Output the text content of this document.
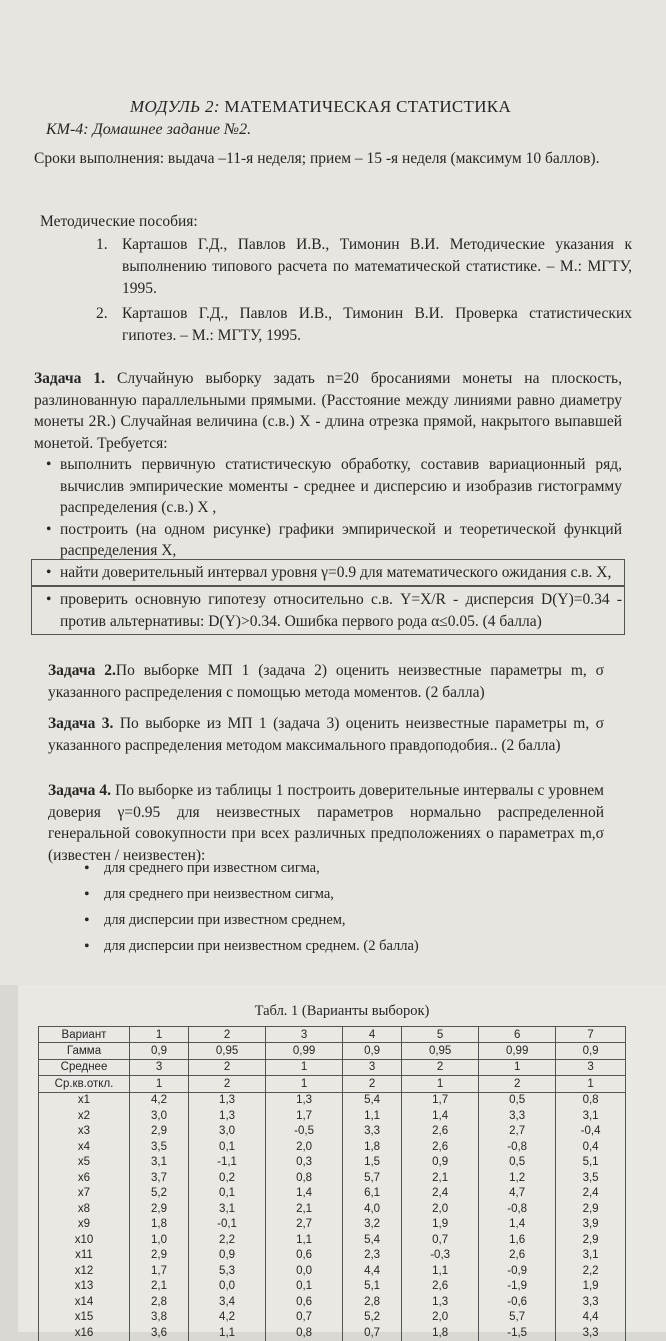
МОДУЛЬ 2: МАТЕМАТИЧЕСКАЯ СТАТИСТИКА
КМ-4: Домашнее задание №2.
Сроки выполнения: выдача –11-я неделя; прием – 15 -я неделя (максимум 10 баллов).
Методические пособия:
1. Карташов Г.Д., Павлов И.В., Тимонин В.И. Методические указания к выполнению типового расчета по математической статистике. – М.: МГТУ, 1995.
2. Карташов Г.Д., Павлов И.В., Тимонин В.И. Проверка статистических гипотез. – М.: МГТУ, 1995.
Задача 1. Случайную выборку задать n=20 бросаниями монеты на плоскость, разлинованную параллельными прямыми. (Расстояние между линиями равно диаметру монеты 2R.) Случайная величина (с.в.) X - длина отрезка прямой, накрытого выпавшей монетой. Требуется:
• выполнить первичную статистическую обработку, составив вариационный ряд, вычислив эмпирические моменты - среднее и дисперсию и изобразив гистограмму распределения (с.в.) X ,
• построить (на одном рисунке) графики эмпирической и теоретической функций распределения X,
• найти доверительный интервал уровня γ=0.9 для математического ожидания с.в. X,
• проверить основную гипотезу относительно с.в. Y=X/R - дисперсия D(Y)=0.34 - против альтернативы: D(Y)>0.34. Ошибка первого рода α≤0.05. (4 балла)
Задача 2.По выборке МП 1 (задача 2) оценить неизвестные параметры m, σ указанного распределения с помощью метода моментов. (2 балла)
Задача 3. По выборке из МП 1 (задача 3) оценить неизвестные параметры m, σ указанного распределения методом максимального правдоподобия.. (2 балла)
Задача 4. По выборке из таблицы 1 построить доверительные интервалы с уровнем доверия γ=0.95 для неизвестных параметров нормально распределенной генеральной совокупности при всех различных предположениях о параметрах m,σ (известен / неизвестен):
• для среднего при известном сигма,
• для среднего при неизвестном сигма,
• для дисперсии при известном среднем,
• для дисперсии при неизвестном среднем. (2 балла)
Табл. 1 (Варианты выборок)
Вариант	1	2	3	4	5	6	7
Гамма	0,9	0,95	0,99	0,9	0,95	0,99	0,9
Среднее	3	2	1	3	2	1	3
Ср.кв.откл.	1	2	1	2	1	2	1
x1	4,2	1,3	1,3	5,4	1,7	0,5	0,8
x2	3,0	1,3	1,7	1,1	1,4	3,3	3,1
x3	2,9	3,0	-0,5	3,3	2,6	2,7	-0,4
x4	3,5	0,1	2,0	1,8	2,6	-0,8	0,4
x5	3,1	-1,1	0,3	1,5	0,9	0,5	5,1
x6	3,7	0,2	0,8	5,7	2,1	1,2	3,5
x7	5,2	0,1	1,4	6,1	2,4	4,7	2,4
x8	2,9	3,1	2,1	4,0	2,0	-0,8	2,9
x9	1,8	-0,1	2,7	3,2	1,9	1,4	3,9
x10	1,0	2,2	1,1	5,4	0,7	1,6	2,9
x11	2,9	0,9	0,6	2,3	-0,3	2,6	3,1
x12	1,7	5,3	0,0	4,4	1,1	-0,9	2,2
x13	2,1	0,0	0,1	5,1	2,6	-1,9	1,9
x14	2,8	3,4	0,6	2,8	1,3	-0,6	3,3
x15	3,8	4,2	0,7	5,2	2,0	5,7	4,4
x16	3,6	1,1	0,8	0,7	1,8	-1,5	3,3
